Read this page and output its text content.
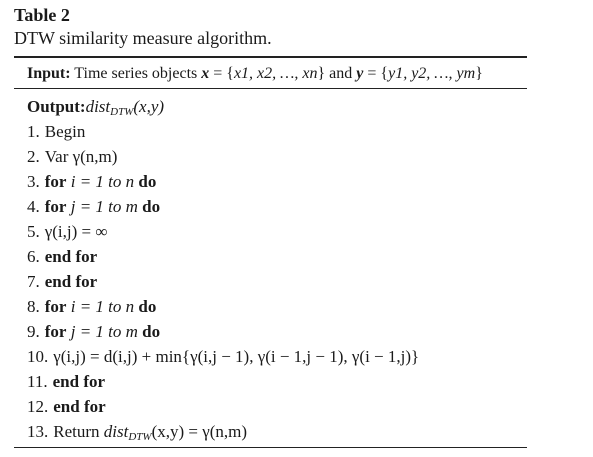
Table 2
DTW similarity measure algorithm.
Input: Time series objects x = {x1, x2, …, xn} and y = {y1, y2, …, ym}
Output:dist$_{DTW}$(x,y)
1. Begin
2. Var γ(n,m)
3. for i = 1 to n do
4. for j = 1 to m do
5. γ(i,j) = ∞
6. end for
7. end for
8. for i = 1 to n do
9. for j = 1 to m do
10. γ(i,j) = d(i,j) + min{γ(i,j − 1), γ(i − 1,j − 1), γ(i − 1,j)}
11. end for
12. end for
13. Return dist$_{DTW}$(x,y) = γ(n,m)
